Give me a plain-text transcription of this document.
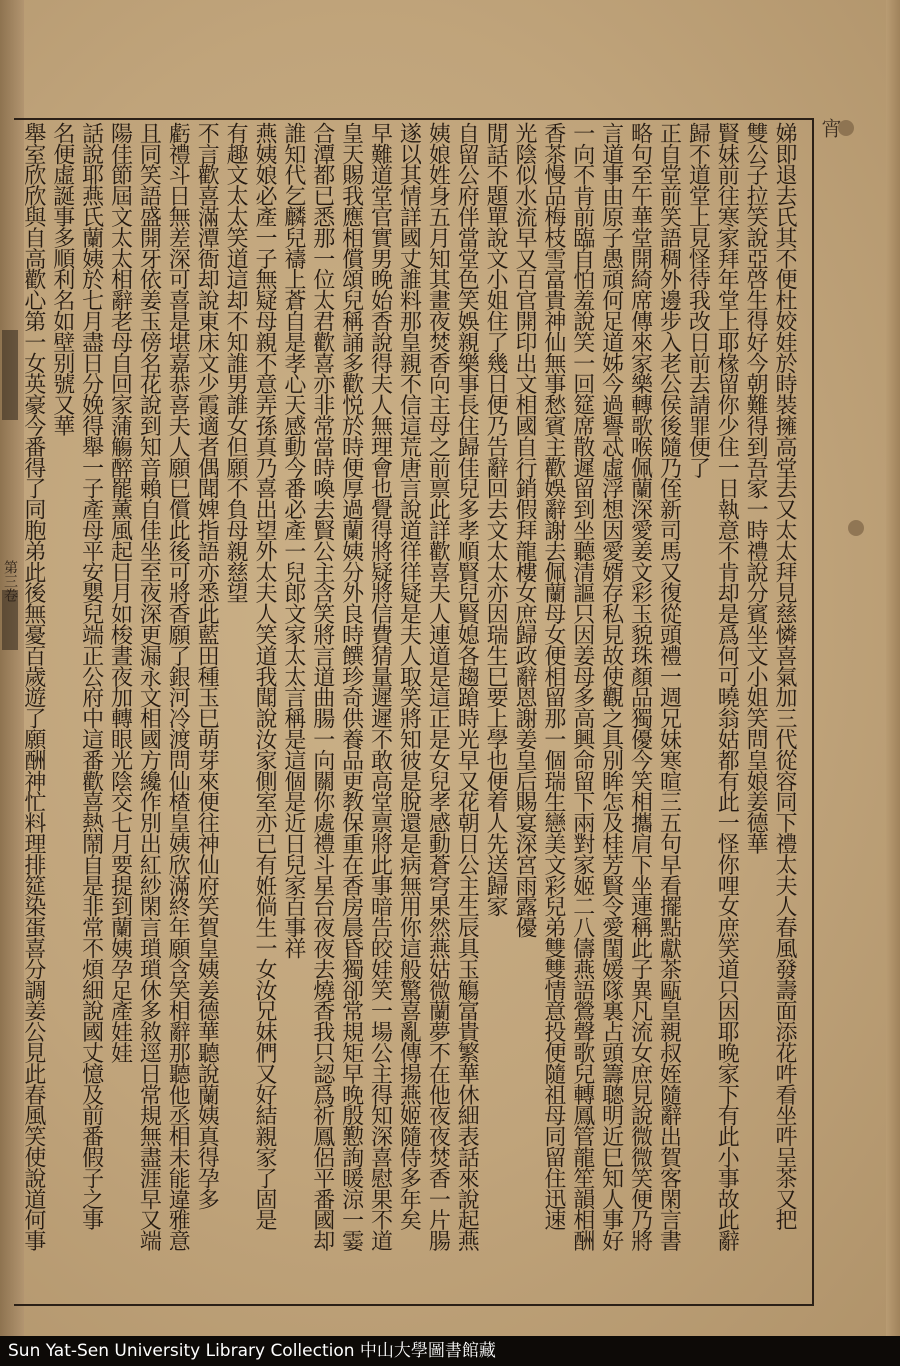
第三卷
宵
娣即退去氏其不便杜姣娃於時裝擁高堂去又太太拜見慈憐喜氣加三代從容同下禮太夫人春風發壽面添花吽看坐吽呈茶又把
雙公子拉笑說亞啓生得好今朝難得到吾家一時禮說分賓坐文小姐笑問皇娘姜德華
賢妹前往寒家拜年堂上耶椽留你少住一日執意不肯却是爲何可曉翁姑都有此一怪你哩女庶笑道只因耶晚家下有此小事故此辭
歸不道堂上見怪待我改日前去請罪便了
正自堂前笑語稠外邊步入老公侯後隨乃侄新司馬又復從頭禮一週兄妹寒暄三五句早看擺點獻茶甌皇親叔姪隨辭出賀客閑言書
略句至午華堂開綺席傳來家樂轉歌喉佩蘭深愛姜文彩玉貌珠顏品獨優今笑相攜肩下坐連稱此子異凡流女庶見說微微笑便乃將
言道事由原子愚頑何足道姊今過譽忒虛浮想因愛婿存私見故使觀之具別眸怎及桂芳賢令愛閨媛隊裏占頭籌聰明近巳知人事好
一向不肯前臨自怕羞說笑一回筵席散遲留到坐聽清謳只因姜母多高興命留下兩對家姬二八儔燕語鶯聲歌兒轉鳳管龍笙韻相酬
香茶慢品梅枝雪富貴神仙無事愁賓主歡娛辭謝去佩蘭母女便相留那一個瑞生戀美文彩兒弟雙雙情意投便隨祖母同留住迅速
光陰似水流早又百官開印出文相國自行銷假拜龍樓女庶歸政辭恩謝姜皇后賜宴深宮雨露優
閒話不題單說文小姐住了幾日便乃告辭回去文太太亦因瑞生巳要上學也便着人先送歸家
自留公府伴當堂色笑娛親樂事長住歸佳兒多孝順賢兒賢媳各趨蹌時光早又花朝日公主生辰具玉觴富貴繁華休細表話來說起燕
姨娘姓身五月知其畫夜焚香向主母之前禀此詳歡喜夫人連道是這正是女兒孝感動蒼穹果然燕姑微蘭夢不在他夜夜焚香一片腸
遂以其情詳國丈誰料那皇親不信這荒唐言說道徉徉疑是夫人取笑將知彼是脫還是病無用你這般驚喜亂傳揚燕姬隨侍多年矣
早難道堂官實男晚始香說得夫人無理會也覺得將疑將信費猜量遲遲不敢高堂禀將此事暗告皎娃笑一場公主得知深喜慰果不道
皇天賜我應相償頌兒稱誦多歡悦於時便厚過蘭姨分外良時饌珍奇供養品更教保重在香房晨昏獨卻常規矩早晚殷懃詢暖涼一霎
合潭都已悉那一位太君歡喜亦非常當時喚去賢公主含笑將言道曲腸一向關你處禮斗星台夜夜去燒香我只認爲祈鳳侶平番國却
誰知代乞麟兒禱上蒼自是孝心天感動今番必產一兒郎文家太太言稱是這個是近日兒家百事祥
燕姨娘必產一子無疑母親不意弄孫真乃喜出望外太夫人笑道我聞說汝家側室亦已有姙倘生一女汝兄妹們又好結親家了固是
有趣文太太笑道這却不知誰男誰女但願不負母親慈望
不言歡喜滿潭衙却說東床文少霞適者偶聞婢指語亦悉此藍田種玉巳萌芽來便往神仙府笑賀皇姨姜德華聽說蘭姨真得孕多
虧禮斗日無差深可喜是堪嘉恭喜夫人願巳償此後可將香願了銀河冷渡問仙楂皇姨欣滿終年願含笑相辭那聽他丞相未能違雅意
且同笑語盛開牙依姜玉傍名花說到知音賴自佳坐至夜深更漏永文相國方纔作別出紅紗閑言瑣瑣休多敘逕日常規無盡涯早又端
陽佳節屆文太太相辭老母自回家蒲觴醉罷薰風起日月如梭晝夜加轉眼光陰交七月要提到蘭姨孕足產娃娃
話說耶燕氏蘭姨於七月盡日分娩得舉一子產母平安嬰兒端正公府中這番歡喜熱鬧自是非常不煩細說國丈憶及前番假子之事
名便虛誕事多順利名如壁别號又華
舉室欣欣與自高歡心第一女英豪今番得了同胞弟此後無憂百歲遊了願酬神忙料理排筵染蛋喜分調姜公見此春風笑使說道何事
Sun Yat-Sen University Library Collection 中山大學圖書館藏
